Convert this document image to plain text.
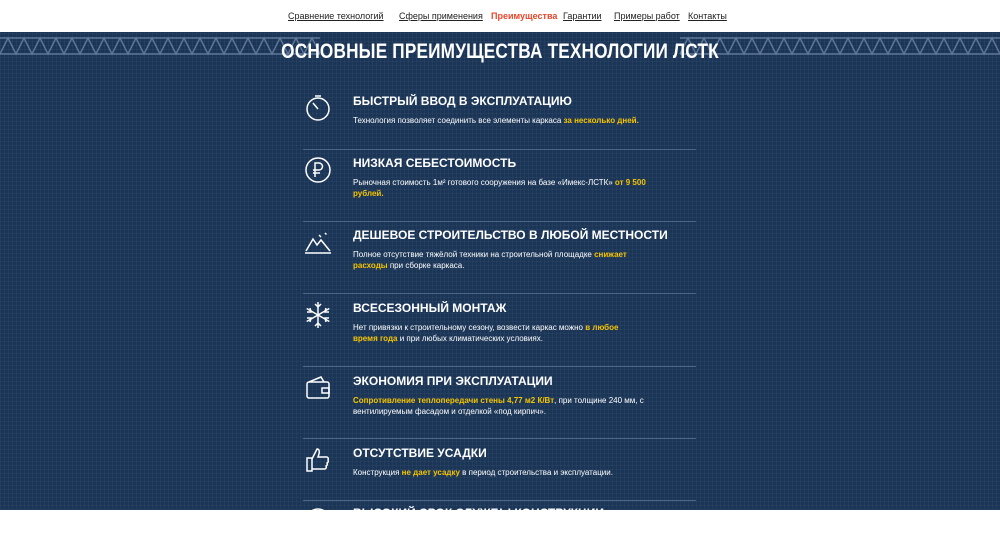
Сравнение технологий Сферы применения Преимущества Гарантии Примеры работ Контакты
ОСНОВНЫЕ ПРЕИМУЩЕСТВА ТЕХНОЛОГИИ ЛСТК
БЫСТРЫЙ ВВОД В ЭКСПЛУАТАЦИЮ
Технология позволяет соединить все элементы каркаса за несколько дней.
НИЗКАЯ СЕБЕСТОИМОСТЬ
Рыночная стоимость 1м² готового сооружения на базе «Имекс-ЛСТК» от 9 500 рублей.
ДЕШЕВОЕ СТРОИТЕЛЬСТВО В ЛЮБОЙ МЕСТНОСТИ
Полное отсутствие тяжёлой техники на строительной площадке снижает расходы при сборке каркаса.
ВСЕСЕЗОННЫЙ МОНТАЖ
Нет привязки к строительному сезону, возвести каркас можно в любое время года и при любых климатических условиях.
ЭКОНОМИЯ ПРИ ЭКСПЛУАТАЦИИ
Сопротивление теплопередачи стены 4,77 м2 К/Вт, при толщине 240 мм, с вентилируемым фасадом и отделкой «под кирпич».
ОТСУТСТВИЕ УСАДКИ
Конструкция не дает усадку в период строительства и эксплуатации.
ВЫСОКИЙ СРОК СЛУЖБЫ КОНСТРУКЦИИ
